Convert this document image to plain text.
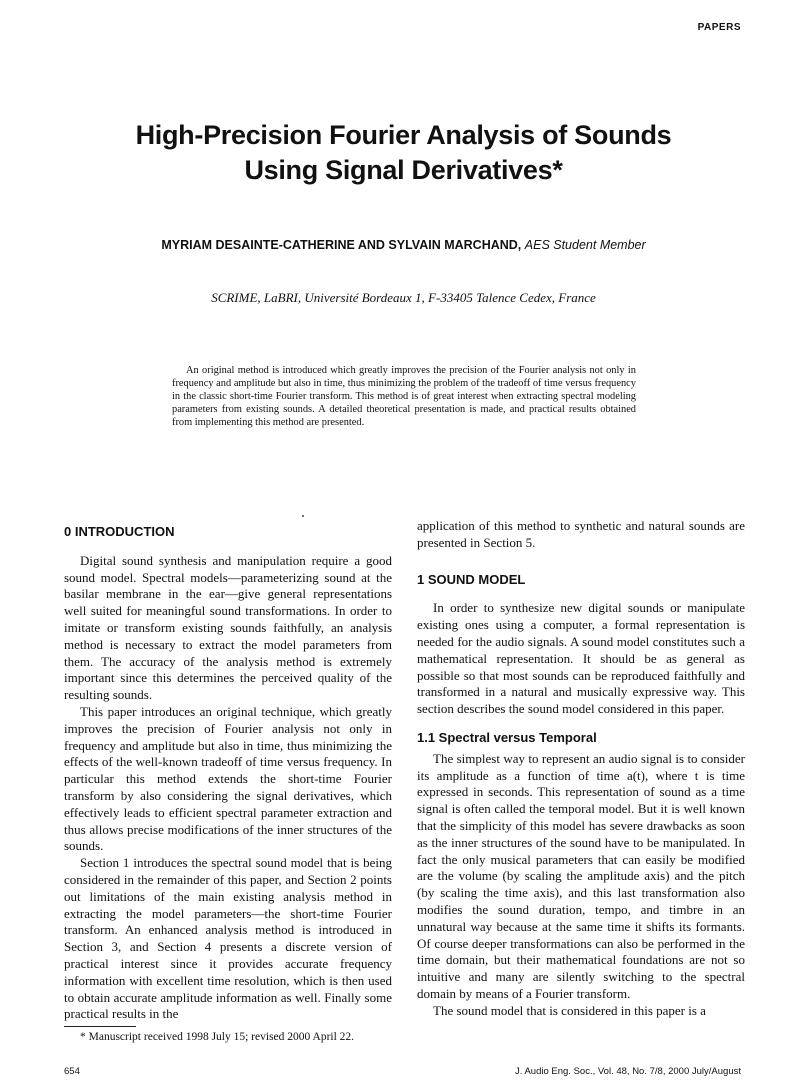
PAPERS
High-Precision Fourier Analysis of Sounds
Using Signal Derivatives*
MYRIAM DESAINTE-CATHERINE AND SYLVAIN MARCHAND, AES Student Member
SCRIME, LaBRI, Université Bordeaux 1, F-33405 Talence Cedex, France
An original method is introduced which greatly improves the precision of the Fourier analysis not only in frequency and amplitude but also in time, thus minimizing the problem of the tradeoff of time versus frequency in the classic short-time Fourier transform. This method is of great interest when extracting spectral modeling parameters from existing sounds. A detailed theoretical presentation is made, and practical results obtained from implementing this method are presented.
0 INTRODUCTION

Digital sound synthesis and manipulation require a good sound model. Spectral models—parameterizing sound at the basilar membrane in the ear—give general representations well suited for meaningful sound transformations. In order to imitate or transform existing sounds faithfully, an analysis method is necessary to extract the model parameters from them. The accuracy of the analysis method is extremely important since this determines the perceived quality of the resulting sounds.

This paper introduces an original technique, which greatly improves the precision of Fourier analysis not only in frequency and amplitude but also in time, thus minimizing the effects of the well-known tradeoff of time versus frequency. In particular this method extends the short-time Fourier transform by also considering the signal derivatives, which effectively leads to efficient spectral parameter extraction and thus allows precise modifications of the inner structures of the sounds.

Section 1 introduces the spectral sound model that is being considered in the remainder of this paper, and Section 2 points out limitations of the main existing analysis method in extracting the model parameters—the short-time Fourier transform. An enhanced analysis method is introduced in Section 3, and Section 4 presents a discrete version of practical interest since it provides accurate frequency information with excellent time resolution, which is then used to obtain accurate amplitude information as well. Finally some practical results in the

application of this method to synthetic and natural sounds are presented in Section 5.

1 SOUND MODEL

In order to synthesize new digital sounds or manipulate existing ones using a computer, a formal representation is needed for the audio signals. A sound model constitutes such a mathematical representation. It should be as general as possible so that most sounds can be reproduced faithfully and transformed in a natural and musically expressive way. This section describes the sound model considered in this paper.

1.1 Spectral versus Temporal

The simplest way to represent an audio signal is to consider its amplitude as a function of time a(t), where t is time expressed in seconds. This representation of sound as a time signal is often called the temporal model. But it is well known that the simplicity of this model has severe drawbacks as soon as the inner structures of the sound have to be manipulated. In fact the only musical parameters that can easily be modified are the volume (by scaling the amplitude axis) and the pitch (by scaling the time axis), and this last transformation also modifies the sound duration, tempo, and timbre in an unnatural way because at the same time it shifts its formants. Of course deeper transformations can also be performed in the time domain, but their mathematical foundations are not so intuitive and many are silently switching to the spectral domain by means of a Fourier transform.

The sound model that is considered in this paper is a

* Manuscript received 1998 July 15; revised 2000 April 22.
654	J. Audio Eng. Soc., Vol. 48, No. 7/8, 2000 July/August
